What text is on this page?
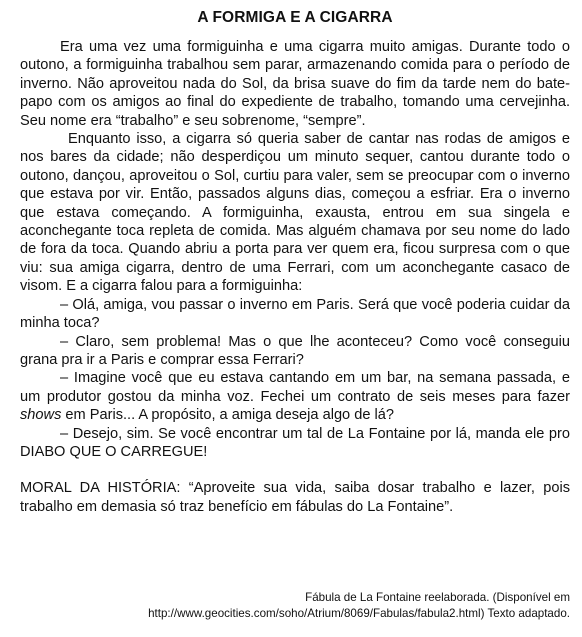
A FORMIGA E A CIGARRA

Era uma vez uma formiguinha e uma cigarra muito amigas. Durante todo o outono, a formiguinha trabalhou sem parar, armazenando comida para o período de inverno. Não aproveitou nada do Sol, da brisa suave do fim da tarde nem do bate-papo com os amigos ao final do expediente de trabalho, tomando uma cervejinha. Seu nome era “trabalho” e seu sobrenome, “sempre”.

Enquanto isso, a cigarra só queria saber de cantar nas rodas de amigos e nos bares da cidade; não desperdiçou um minuto sequer, cantou durante todo o outono, dançou, aproveitou o Sol, curtiu para valer, sem se preocupar com o inverno que estava por vir. Então, passados alguns dias, começou a esfriar. Era o inverno que estava começando. A formiguinha, exausta, entrou em sua singela e aconchegante toca repleta de comida. Mas alguém chamava por seu nome do lado de fora da toca. Quando abriu a porta para ver quem era, ficou surpresa com o que viu: sua amiga cigarra, dentro de uma Ferrari, com um aconchegante casaco de visom. E a cigarra falou para a formiguinha:

– Olá, amiga, vou passar o inverno em Paris. Será que você poderia cuidar da minha toca?

– Claro, sem problema! Mas o que lhe aconteceu? Como você conseguiu grana pra ir a Paris e comprar essa Ferrari?

– Imagine você que eu estava cantando em um bar, na semana passada, e um produtor gostou da minha voz. Fechei um contrato de seis meses para fazer shows em Paris... A propósito, a amiga deseja algo de lá?

– Desejo, sim. Se você encontrar um tal de La Fontaine por lá, manda ele pro DIABO QUE O CARREGUE!

MORAL DA HISTÓRIA: “Aproveite sua vida, saiba dosar trabalho e lazer, pois trabalho em demasia só traz benefício em fábulas do La Fontaine”.

Fábula de La Fontaine reelaborada. (Disponível em
http://www.geocities.com/soho/Atrium/8069/Fabulas/fabula2.html) Texto adaptado.
